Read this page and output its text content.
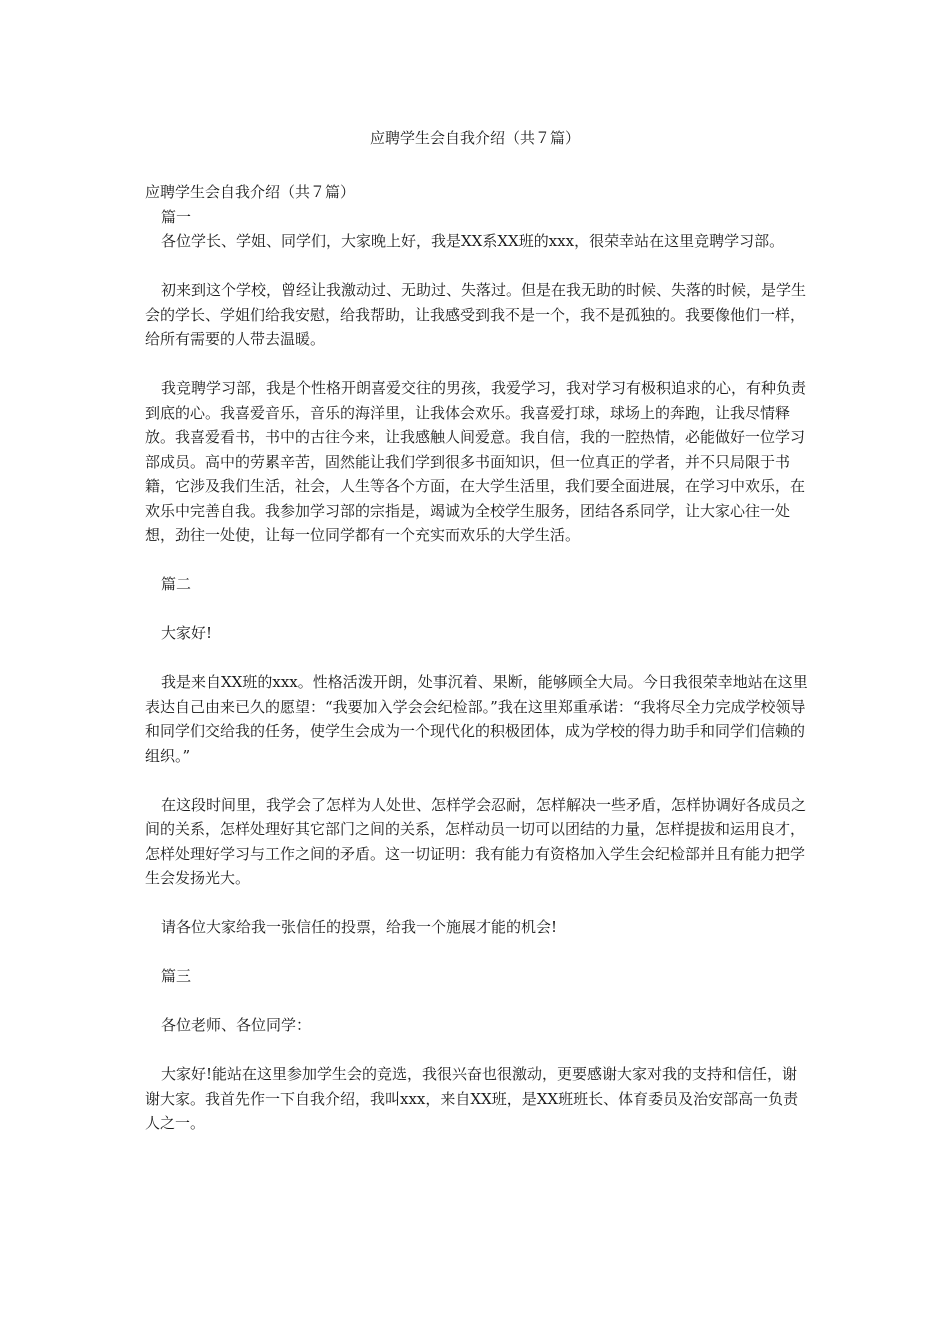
应聘学生会自我介绍（共７篇）

应聘学生会自我介绍（共７篇）

篇一

各位学长、学姐、同学们，大家晚上好，我是XX系XX班的xxx，很荣幸站在这里竞聘学习部。

初来到这个学校，曾经让我激动过、无助过、失落过。但是在我无助的时候、失落的时候，是学生会的学长、学姐们给我安慰，给我帮助，让我感受到我不是一个，我不是孤独的。我要像他们一样，给所有需要的人带去温暖。

我竞聘学习部，我是个性格开朗喜爱交往的男孩，我爱学习，我对学习有极积追求的心，有种负责到底的心。我喜爱音乐，音乐的海洋里，让我体会欢乐。我喜爱打球，球场上的奔跑，让我尽情释放。我喜爱看书，书中的古往今来，让我感触人间爱意。我自信，我的一腔热情，必能做好一位学习部成员。高中的劳累辛苦，固然能让我们学到很多书面知识，但一位真正的学者，并不只局限于书籍，它涉及我们生活，社会，人生等各个方面，在大学生活里，我们要全面进展，在学习中欢乐，在欢乐中完善自我。我参加学习部的宗指是，竭诚为全校学生服务，团结各系同学，让大家心往一处想，劲往一处使，让每一位同学都有一个充实而欢乐的大学生活。

篇二

大家好!

我是来自XX班的xxx。性格活泼开朗，处事沉着、果断，能够顾全大局。今日我很荣幸地站在这里表达自己由来已久的愿望：“我要加入学会会纪检部。”我在这里郑重承诺：“我将尽全力完成学校领导和同学们交给我的任务，使学生会成为一个现代化的积极团体，成为学校的得力助手和同学们信赖的组织。”

在这段时间里，我学会了怎样为人处世、怎样学会忍耐，怎样解决一些矛盾，怎样协调好各成员之间的关系，怎样处理好其它部门之间的关系，怎样动员一切可以团结的力量，怎样提拔和运用良才，怎样处理好学习与工作之间的矛盾。这一切证明：我有能力有资格加入学生会纪检部并且有能力把学生会发扬光大。

请各位大家给我一张信任的投票，给我一个施展才能的机会!

篇三

各位老师、各位同学：

大家好!能站在这里参加学生会的竞选，我很兴奋也很激动，更要感谢大家对我的支持和信任，谢谢大家。我首先作一下自我介绍，我叫xxx，来自XX班，是XX班班长、体育委员及治安部高一负责人之一。
